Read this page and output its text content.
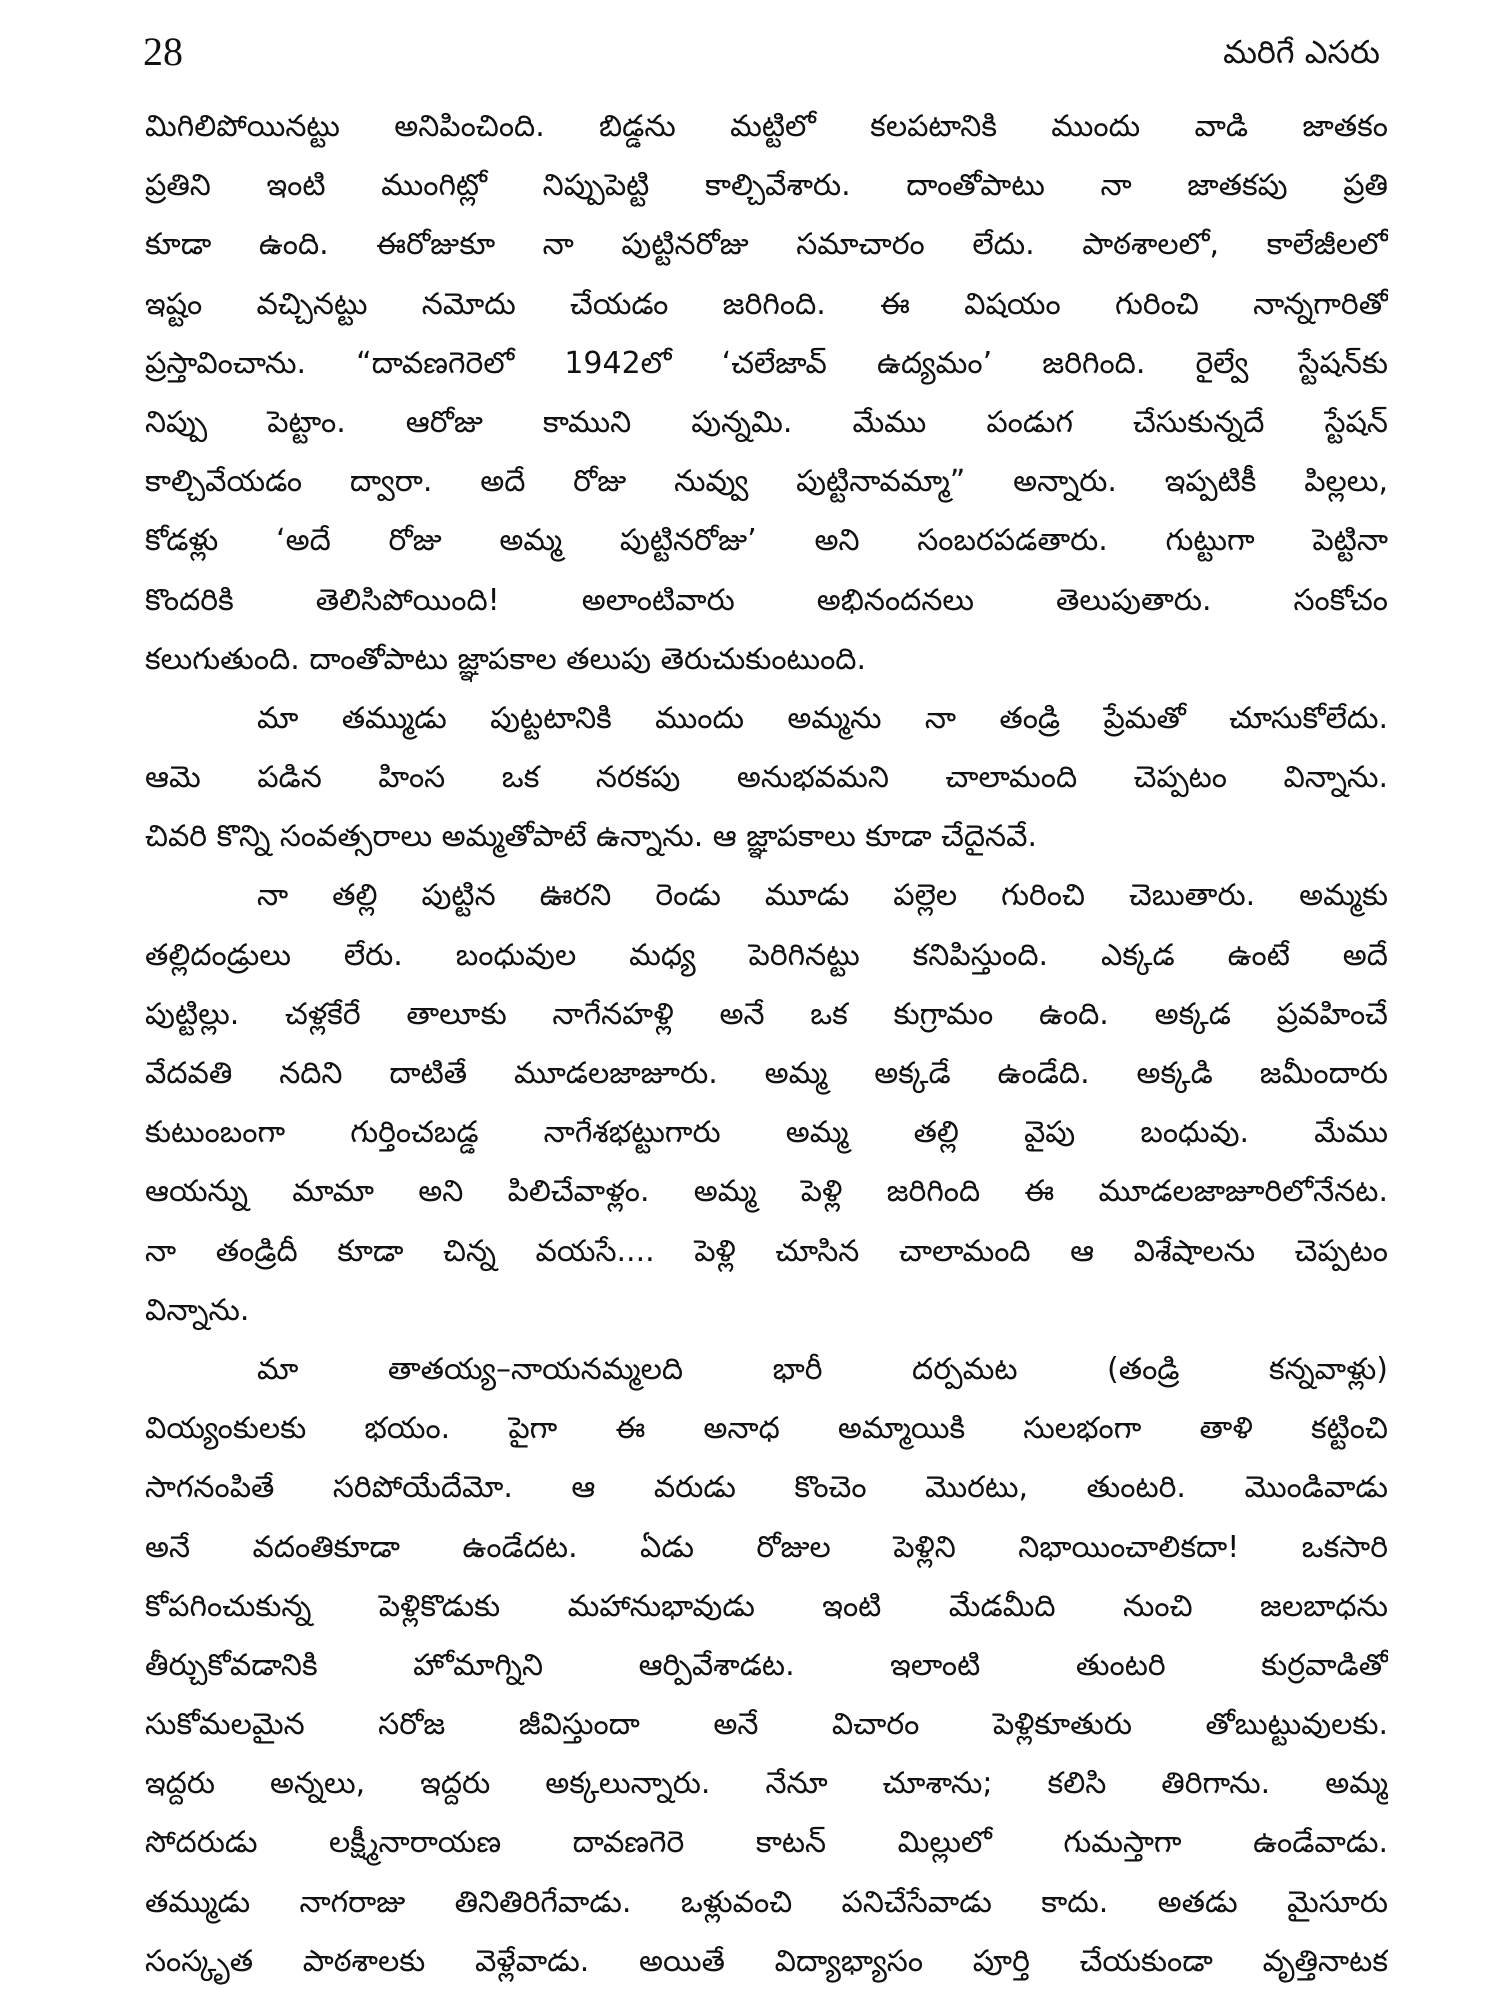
28	మరిగే ఎసరు
మిగిలిపోయినట్టు అనిపించింది. బిడ్డను మట్టిలో కలపటానికి ముందు వాడి జాతకం
ప్రతిని ఇంటి ముంగిట్లో నిప్పుపెట్టి కాల్చివేశారు. దాంతోపాటు నా జాతకపు ప్రతి
కూడా ఉంది. ఈరోజుకూ నా పుట్టినరోజు సమాచారం లేదు. పాఠశాలలో, కాలేజీలలో
ఇష్టం వచ్చినట్టు నమోదు చేయడం జరిగింది. ఈ విషయం గురించి నాన్నగారితో
ప్రస్తావించాను. “దావణగెరెలో 1942లో ‘చలేజావ్ ఉద్యమం’ జరిగింది. రైల్వే స్టేషన్‌కు
నిప్పు పెట్టాం. ఆరోజు కాముని పున్నమి. మేము పండుగ చేసుకున్నదే స్టేషన్
కాల్చివేయడం ద్వారా. అదే రోజు నువ్వు పుట్టినావమ్మా” అన్నారు. ఇప్పటికీ పిల్లలు,
కోడళ్లు ‘అదే రోజు అమ్మ పుట్టినరోజు’ అని సంబరపడతారు. గుట్టుగా పెట్టినా
కొందరికి తెలిసిపోయింది! అలాంటివారు అభినందనలు తెలుపుతారు. సంకోచం
కలుగుతుంది. దాంతోపాటు జ్ఞాపకాల తలుపు తెరుచుకుంటుంది.
మా తమ్ముడు పుట్టటానికి ముందు అమ్మను నా తండ్రి ప్రేమతో చూసుకోలేదు.
ఆమె పడిన హింస ఒక నరకపు అనుభవమని చాలామంది చెప్పటం విన్నాను.
చివరి కొన్ని సంవత్సరాలు అమ్మతోపాటే ఉన్నాను. ఆ జ్ఞాపకాలు కూడా చేదైనవే.
నా తల్లి పుట్టిన ఊరని రెండు మూడు పల్లెల గురించి చెబుతారు. అమ్మకు
తల్లిదండ్రులు లేరు. బంధువుల మధ్య పెరిగినట్టు కనిపిస్తుంది. ఎక్కడ ఉంటే అదే
పుట్టిల్లు. చళ్లకేరే తాలూకు నాగేనహళ్లి అనే ఒక కుగ్రామం ఉంది. అక్కడ ప్రవహించే
వేదవతి నదిని దాటితే మూడలజాజూరు. అమ్మ అక్కడే ఉండేది. అక్కడి జమీందారు
కుటుంబంగా గుర్తించబడ్డ నాగేశభట్టుగారు అమ్మ తల్లి వైపు బంధువు. మేము
ఆయన్ను మామా అని పిలిచేవాళ్లం. అమ్మ పెళ్లి జరిగింది ఈ మూడలజాజూరిలోనేనట.
నా తండ్రిదీ కూడా చిన్న వయసే.... పెళ్లి చూసిన చాలామంది ఆ విశేషాలను చెప్పటం
విన్నాను.
మా తాతయ్య–నాయనమ్మలది భారీ దర్పమట (తండ్రి కన్నవాళ్లు)
వియ్యంకులకు భయం. పైగా ఈ అనాధ అమ్మాయికి సులభంగా తాళి కట్టించి
సాగనంపితే సరిపోయేదేమో. ఆ వరుడు కొంచెం మొరటు, తుంటరి. మొండివాడు
అనే వదంతికూడా ఉండేదట. ఏడు రోజుల పెళ్లిని నిభాయించాలికదా! ఒకసారి
కోపగించుకున్న పెళ్లికొడుకు మహానుభావుడు ఇంటి మేడమీది నుంచి జలబాధను
తీర్చుకోవడానికి హోమాగ్నిని ఆర్పివేశాడట. ఇలాంటి తుంటరి కుర్రవాడితో
సుకోమలమైన సరోజ జీవిస్తుందా అనే విచారం పెళ్లికూతురు తోబుట్టువులకు.
ఇద్దరు అన్నలు, ఇద్దరు అక్కలున్నారు. నేనూ చూశాను; కలిసి తిరిగాను. అమ్మ
సోదరుడు లక్ష్మీనారాయణ దావణగెరె కాటన్ మిల్లులో గుమస్తాగా ఉండేవాడు.
తమ్ముడు నాగరాజు తినితిరిగేవాడు. ఒళ్లువంచి పనిచేసేవాడు కాదు. అతడు మైసూరు
సంస్కృత పాఠశాలకు వెళ్లేవాడు. అయితే విద్యాభ్యాసం పూర్తి చేయకుండా వృత్తినాటక
